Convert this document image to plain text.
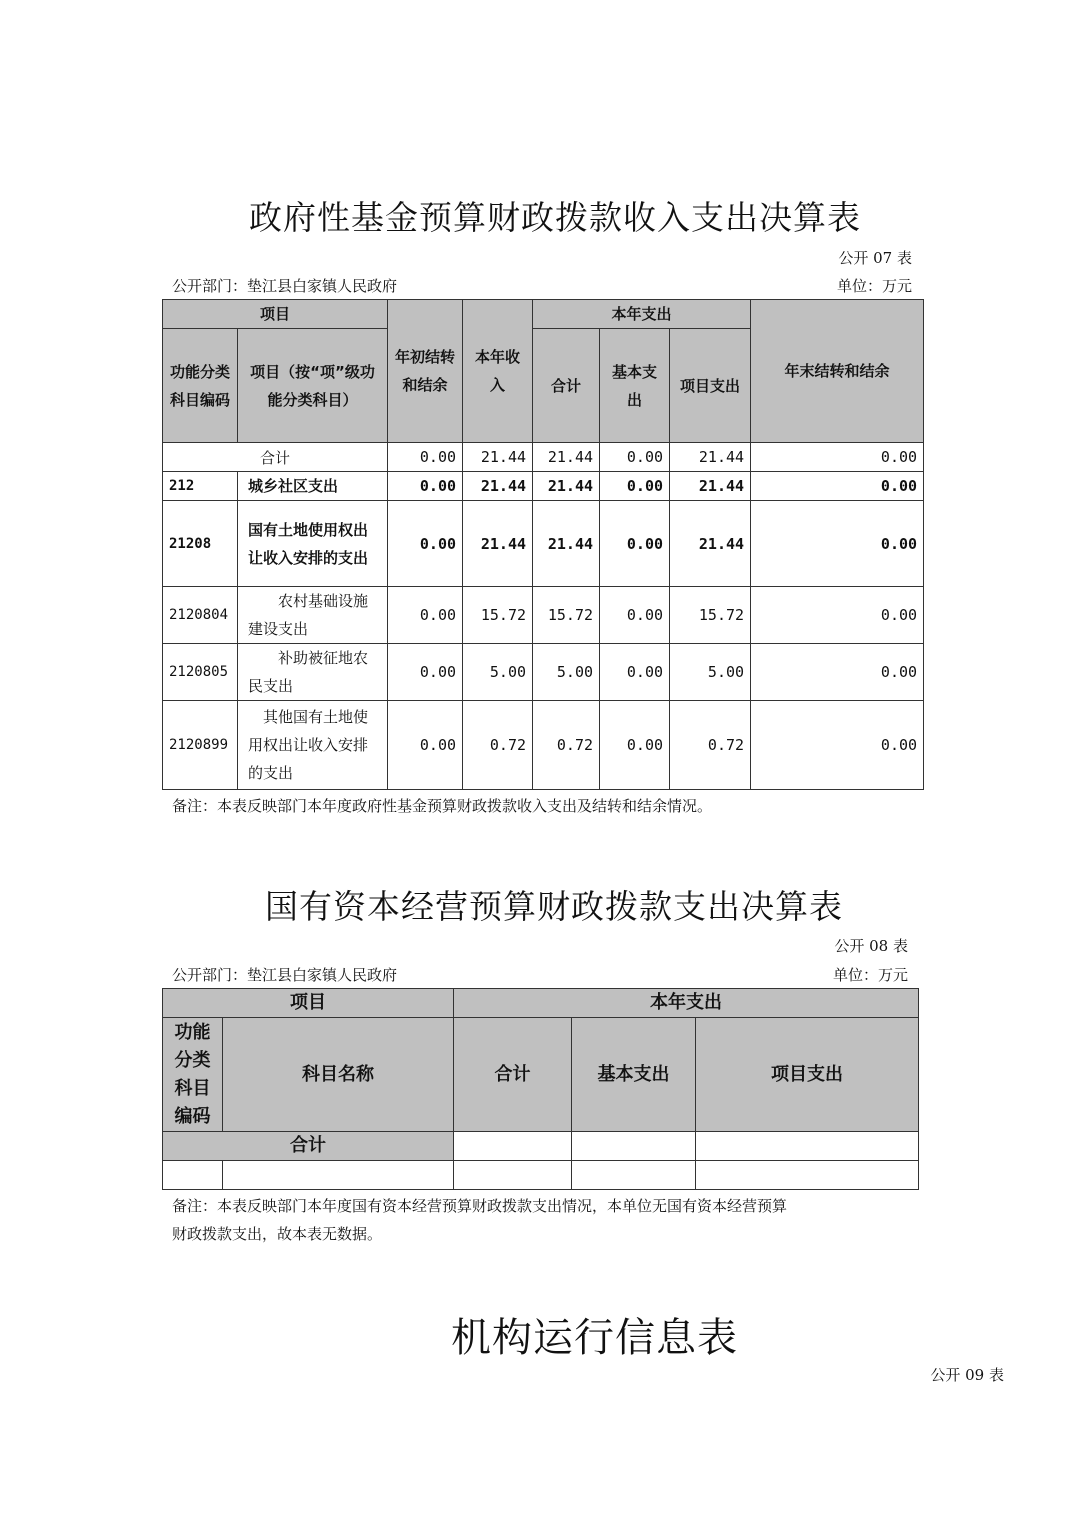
政府性基金预算财政拨款收入支出决算表
公开 07 表
公开部门：垫江县白家镇人民政府	单位：万元
项目		年初结转和结余	本年收入	本年支出			年末结转和结余
功能分类科目编码	项目（按“项”级功能分类科目）			合计	基本支出	项目支出	
合计		0.00	21.44	21.44	0.00	21.44	0.00
212	城乡社区支出	0.00	21.44	21.44	0.00	21.44	0.00
21208	国有土地使用权出让收入安排的支出	0.00	21.44	21.44	0.00	21.44	0.00
2120804	农村基础设施建设支出	0.00	15.72	15.72	0.00	15.72	0.00
2120805	补助被征地农民支出	0.00	5.00	5.00	0.00	5.00	0.00
2120899	其他国有土地使用权出让收入安排的支出	0.00	0.72	0.72	0.00	0.72	0.00
备注：本表反映部门本年度政府性基金预算财政拨款收入支出及结转和结余情况。
国有资本经营预算财政拨款支出决算表
公开 08 表
公开部门：垫江县白家镇人民政府	单位：万元
项目		本年支出		
功能分类科目编码	科目名称	合计	基本支出	项目支出
合计				

备注：本表反映部门本年度国有资本经营预算财政拨款支出情况，本单位无国有资本经营预算
财政拨款支出，故本表无数据。
机构运行信息表
公开 09 表
